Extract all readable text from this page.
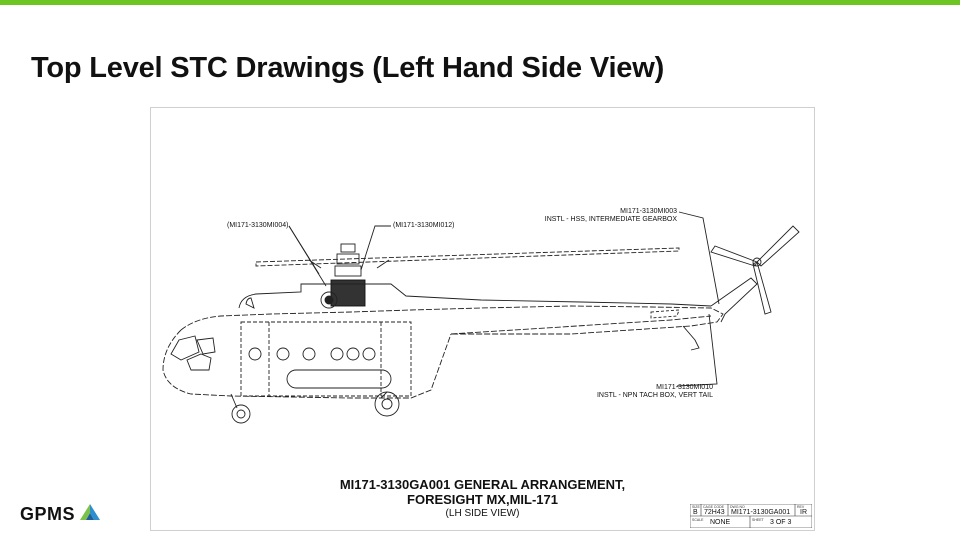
Top Level STC Drawings (Left Hand Side View)
(MI171-3130MI004)	(MI171-3130MI012)
MI171-3130MI003
INSTL - HSS, INTERMEDIATE GEARBOX
MI171-3130MI010
INSTL - NPN TACH BOX, VERT TAIL
MI171-3130GA001 GENERAL ARRANGEMENT,
FORESIGHT MX,MIL-171
(LH SIDE VIEW)
SIZE
B
CAGE CODE
72H43
DWG NO
MI171-3130GA001
REV
IR
SCALE NONE	SHEET 3 OF 3
GPMS
